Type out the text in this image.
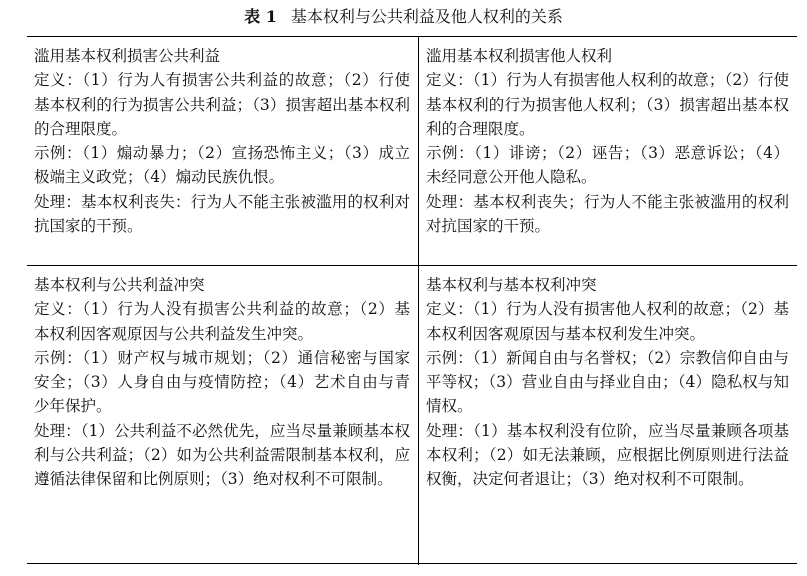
表 1 基本权利与公共利益及他人权利的关系

滥用基本权利损害公共利益

定义：（1）行为人有损害公共利益的故意；（2）行使基本权利的行为损害公共利益；（3）损害超出基本权利的合理限度。

示例：（1）煽动暴力；（2）宣扬恐怖主义；（3）成立极端主义政党；（4）煽动民族仇恨。

处理：基本权利丧失：行为人不能主张被滥用的权利对抗国家的干预。

滥用基本权利损害他人权利

定义：（1）行为人有损害他人权利的故意；（2）行使基本权利的行为损害他人权利；（3）损害超出基本权利的合理限度。

示例：（1）诽谤；（2）诬告；（3）恶意诉讼；（4）未经同意公开他人隐私。

处理：基本权利丧失；行为人不能主张被滥用的权利对抗国家的干预。

基本权利与公共利益冲突

定义：（1）行为人没有损害公共利益的故意；（2）基本权利因客观原因与公共利益发生冲突。

示例：（1）财产权与城市规划；（2）通信秘密与国家安全；（3）人身自由与疫情防控；（4）艺术自由与青少年保护。

处理：（1）公共利益不必然优先，应当尽量兼顾基本权利与公共利益；（2）如为公共利益需限制基本权利，应遵循法律保留和比例原则；（3）绝对权利不可限制。

基本权利与基本权利冲突

定义：（1）行为人没有损害他人权利的故意；（2）基本权利因客观原因与基本权利发生冲突。

示例：（1）新闻自由与名誉权；（2）宗教信仰自由与平等权；（3）营业自由与择业自由；（4）隐私权与知情权。

处理：（1）基本权利没有位阶，应当尽量兼顾各项基本权利；（2）如无法兼顾，应根据比例原则进行法益权衡，决定何者退让；（3）绝对权利不可限制。
